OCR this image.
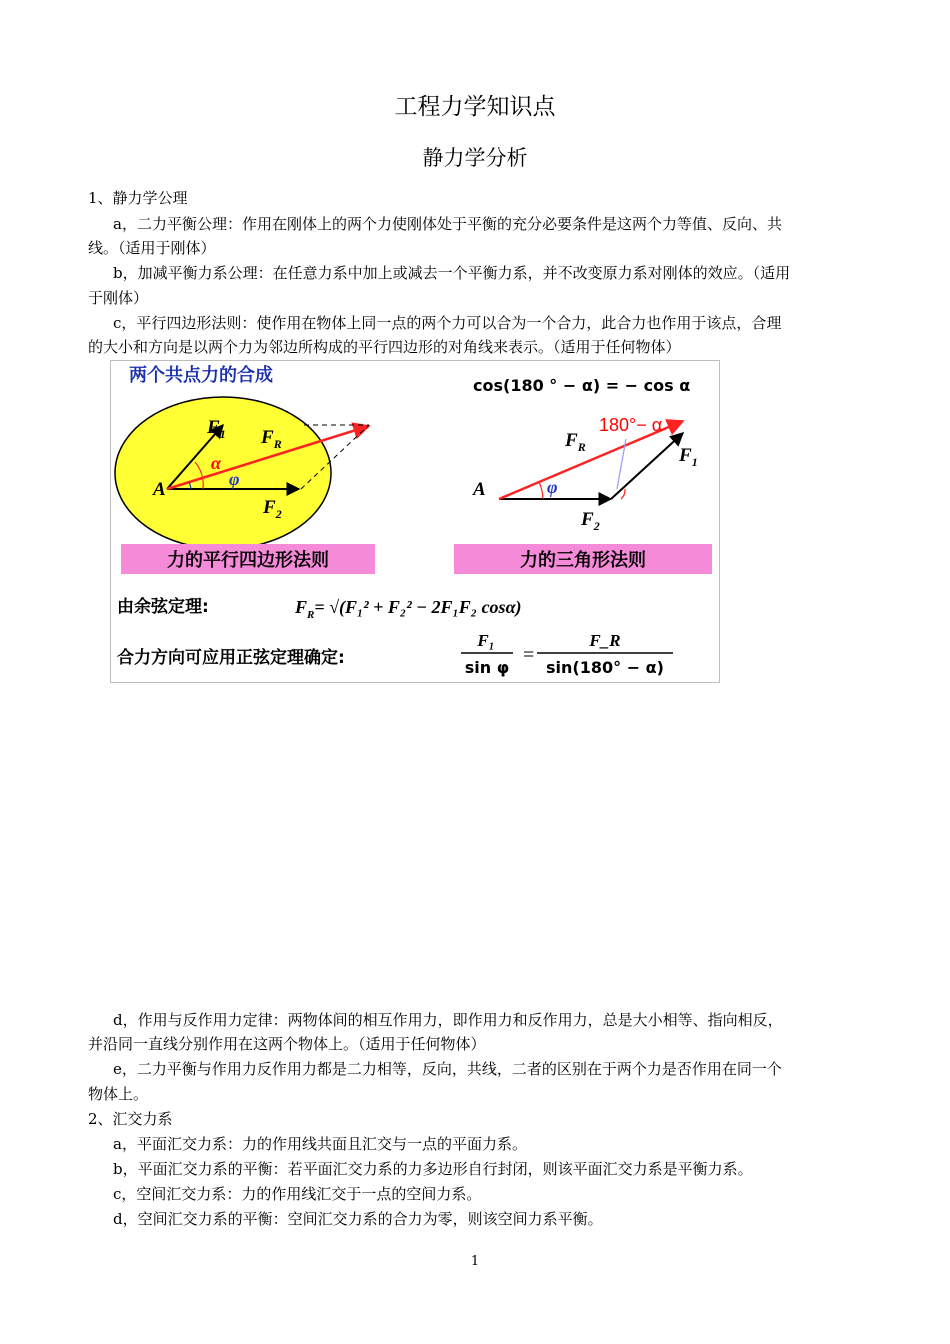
工程力学知识点
静力学分析
1、静力学公理
a，二力平衡公理：作用在刚体上的两个力使刚体处于平衡的充分必要条件是这两个力等值、反向、共
线。（适用于刚体）
b，加减平衡力系公理：在任意力系中加上或减去一个平衡力系，并不改变原力系对刚体的效应。（适用
于刚体）
c，平行四边形法则：使作用在物体上同一点的两个力可以合为一个合力，此合力也作用于该点，合理
的大小和方向是以两个力为邻边所构成的平行四边形的对角线来表示。（适用于任何物体）
两个共点力的合成
A
$F_1$ $F_R$
$F_2$
α
φ
cos(180 ° − α) = − cos α
A
$F_R$	$F_1$
$F_2$
φ
180°− α
力的平行四边形法则	力的三角形法则
由余弦定理:	$F_R= √(F_1^2 + F_2^2 - 2F_1F_2$ cosα)
合力方向可应用正弦定理确定:
F₁
sin φ
=
F_R
sin(180° − α)
d，作用与反作用力定律：两物体间的相互作用力，即作用力和反作用力，总是大小相等、指向相反，
并沿同一直线分别作用在这两个物体上。（适用于任何物体）
e，二力平衡与作用力反作用力都是二力相等，反向，共线，二者的区别在于两个力是否作用在同一个
物体上。
2、汇交力系
a，平面汇交力系：力的作用线共面且汇交与一点的平面力系。
b，平面汇交力系的平衡：若平面汇交力系的力多边形自行封闭，则该平面汇交力系是平衡力系。
c，空间汇交力系：力的作用线汇交于一点的空间力系。
d，空间汇交力系的平衡：空间汇交力系的合力为零，则该空间力系平衡。
1
